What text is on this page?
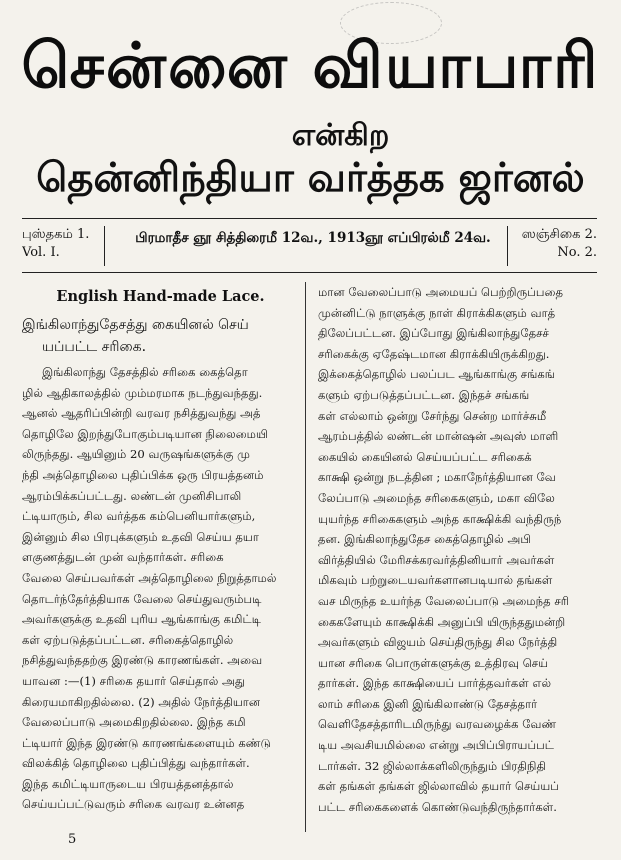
சென்னை வியாபாரி
என்கிற
தென்னிந்தியா வர்த்தக ஜர்னல்
புஸ்தகம் 1.
Vol. I.
பிரமாதீச ஞூ சித்திரைமீ 12வ., 1913ஞூ எப்பிரல்மீ 24வ.	ஸஞ்சிகை 2.
No. 2.
English Hand-made Lace.
இங்கிலாந்துதேசத்து கையினல் செய்
யப்பட்ட சரிகை.
இங்கிலாந்து தேசத்தில் சரிகை கைத்தொ
ழில் ஆதிகாலத்தில் மும்மரமாக நடந்துவந்தது.
ஆனல் ஆதரிப்பின்றி வரவர நசித்துவந்து அத்
தொழிலே இறந்துபோகும்படியான நிலைமையி
லிருந்தது. ஆயினும் 20 வருஷங்களுக்கு மு
ந்தி அத்தொழிலை புதிப்பிக்க ஒரு பிரயத்தனம்
ஆரம்பிக்கப்பட்டது. லண்டன் முனிசிபாலி
ட்டியாரும், சில வர்த்தக கம்பெனியார்களும்,
இன்னும் சில பிரபுக்களும் உதவி செய்ய தயா
ளகுணத்துடன் முன் வந்தார்கள். சரிகை
வேலை செய்பவர்கள் அத்தொழிலை நிறுத்தாமல்
தொடர்ந்தேர்த்தியாக வேலை செய்துவரும்படி
அவர்களுக்கு உதவி புரிய ஆங்காங்கு கமிட்டி
கள் ஏற்படுத்தப்பட்டன. சரிகைத்தொழில்
நசித்துவந்ததற்கு இரண்டு காரணங்கள். அவை
யாவன :—(1) சரிகை தயார் செய்தால் அது
கிரையமாகிறதில்லை. (2) அதில் நேர்த்தியான
வேலைப்பாடு அமைகிறதில்லை. இந்த கமி
ட்டியார் இந்த இரண்டு காரணங்களையும் கண்டு
விலக்கித் தொழிலை புதிப்பித்து வந்தார்கள்.
இந்த கமிட்டியாருடைய பிரயத்தனத்தால்
செய்யப்பட்டுவரும் சரிகை வரவர உன்னத
மான வேலைப்பாடு அமையப் பெற்றிருப்பதை
முன்னிட்டு நாளுக்கு நாள் கிராக்கிகளும் வாத்
திலேப்பட்டன. இப்போது இங்கிலாந்துதேசச்
சரிகைக்கு ஏதேஷ்டமான கிராக்கியிருக்கிறது.
இக்கைத்தொழில் பலப்பட ஆங்காங்கு சங்கங்
களும் ஏற்படுத்தப்பட்டன. இந்தச் சங்கங்
கள் எல்லாம் ஒன்று சேர்ந்து சென்ற மார்ச்சுமீ
ஆரம்பத்தில் லண்டன் மான்ஷன் அவுஸ் மாளி
கையில் கையினல் செய்யப்பட்ட சரிகைக்
காக்ஷி ஒன்று நடத்தின ; மகாநேர்த்தியான வே
லேப்பாடு அமைந்த சரிகைகளும், மகா விலே
யுயர்ந்த சரிகைகளும் அந்த காக்ஷிக்கி வந்திருந்
தன. இங்கிலாந்துதேச கைத்தொழில் அபி
விர்த்தியில் மேரிசக்கரவர்த்தினியார் அவர்கள்
மிகவும் பற்றுடையவர்களானபடியால் தங்கள்
வச மிருந்த உயர்ந்த வேலைப்பாடு அமைந்த சரி
கைகளேயும் காக்ஷிக்கி அனுப்பி யிருந்ததுமன்றி
அவர்களும் விஜயம் செய்திருந்து சில நேர்த்தி
யான சரிகை பொருள்களுக்கு உத்திரவு செய்
தார்கள். இந்த காக்ஷியைப் பார்த்தவர்கள் எல்
லாம் சரிகை இனி இங்கிலாண்டு தேசத்தார்
வெளிதேசத்தாரிடமிருந்து வரவழைக்க வேண்
டிய அவசியமில்லை என்று அபிப்பிராயப்பட்
டார்கள். 32 ஜில்லாக்களிலிருந்தும் பிரதிநிதி
கள் தங்கள் தங்கள் ஜில்லாவில் தயார் செய்யப்
பட்ட சரிகைகளைக் கொண்டுவந்திருந்தார்கள்.
5
